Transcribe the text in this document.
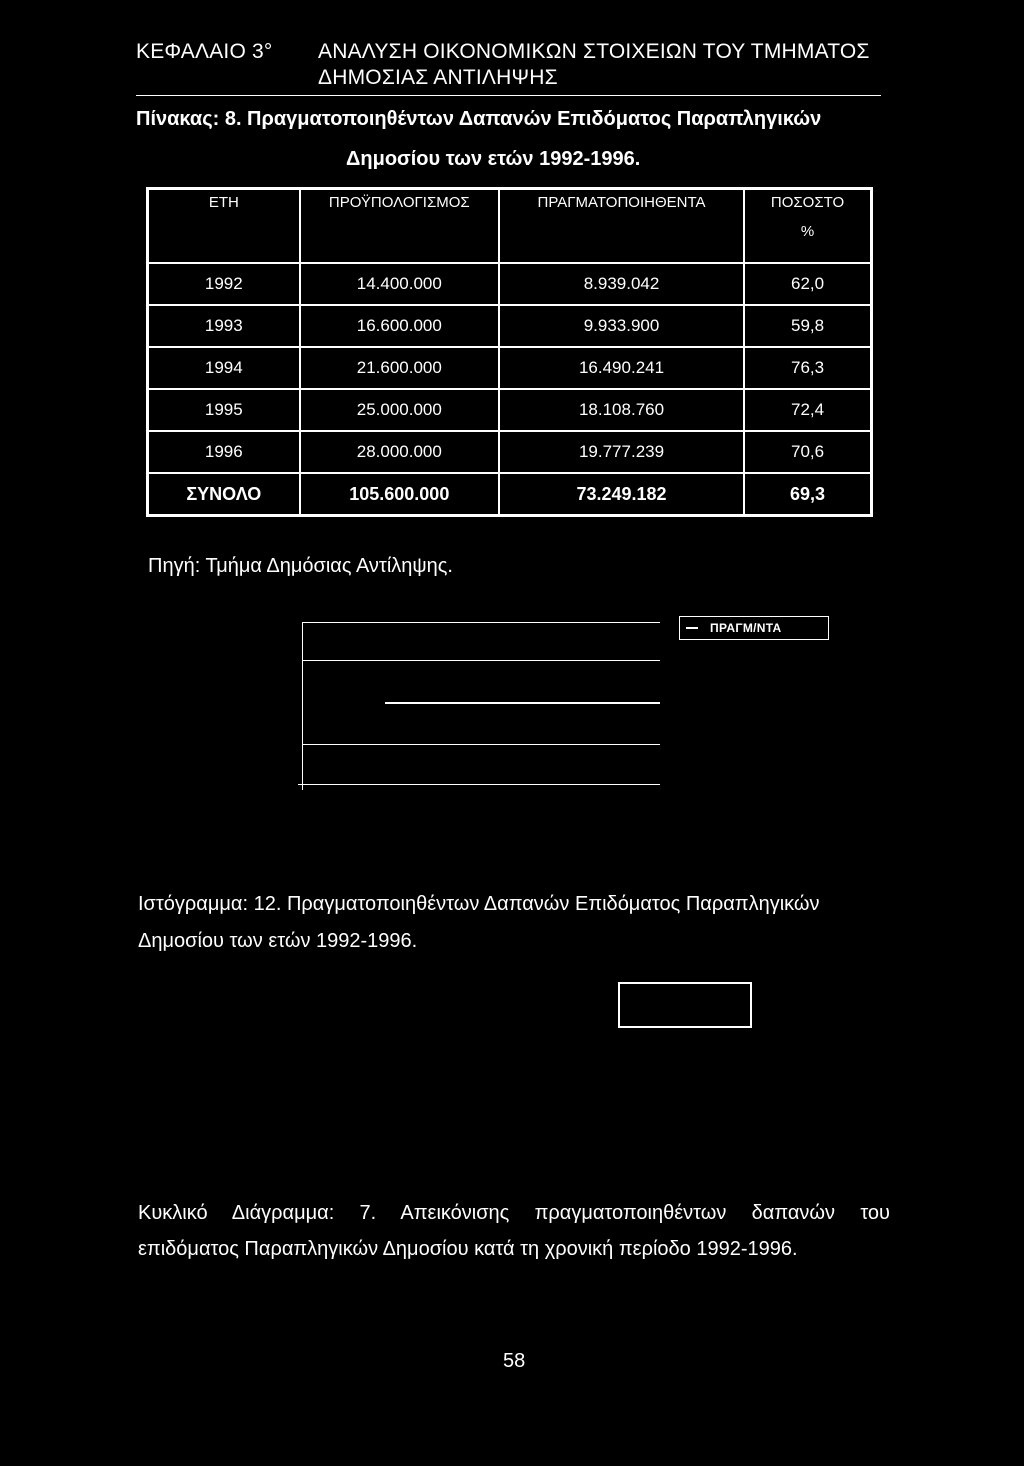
ΚΕΦΑΛΑΙΟ 3° ΑΝΑΛΥΣΗ ΟΙΚΟΝΟΜΙΚΩΝ ΣΤΟΙΧΕΙΩΝ ΤΟΥ ΤΜΗΜΑΤΟΣ
ΔΗΜΟΣΙΑΣ ΑΝΤΙΛΗΨΗΣ
Πίνακας: 8. Πραγματοποιηθέντων Δαπανών Επιδόματος Παραπληγικών
Δημοσίου των ετών 1992-1996.
ΕΤΗ	ΠΡΟΫΠΟΛΟΓΙΣΜΟΣ	ΠΡΑΓΜΑΤΟΠΟΙΗΘΕΝΤΑ	ΠΟΣΟΣΤΟ
%

1992	14.400.000	8.939.042	62,0
1993	16.600.000	9.933.900	59,8
1994	21.600.000	16.490.241	76,3
1995	25.000.000	18.108.760	72,4
1996	28.000.000	19.777.239	70,6
ΣΥΝΟΛΟ	105.600.000	73.249.182	69,3
Πηγή: Τμήμα Δημόσιας Αντίληψης.
ΠΡΑΓΜ/ΝΤΑ
Ιστόγραμμα: 12. Πραγματοποιηθέντων Δαπανών Επιδόματος Παραπληγικών
Δημοσίου των ετών 1992-1996.
Κυκλικό Διάγραμμα: 7. Απεικόνισης πραγματοποιηθέντων δαπανών του
επιδόματος Παραπληγικών Δημοσίου κατά τη χρονική περίοδο 1992-1996.
58
